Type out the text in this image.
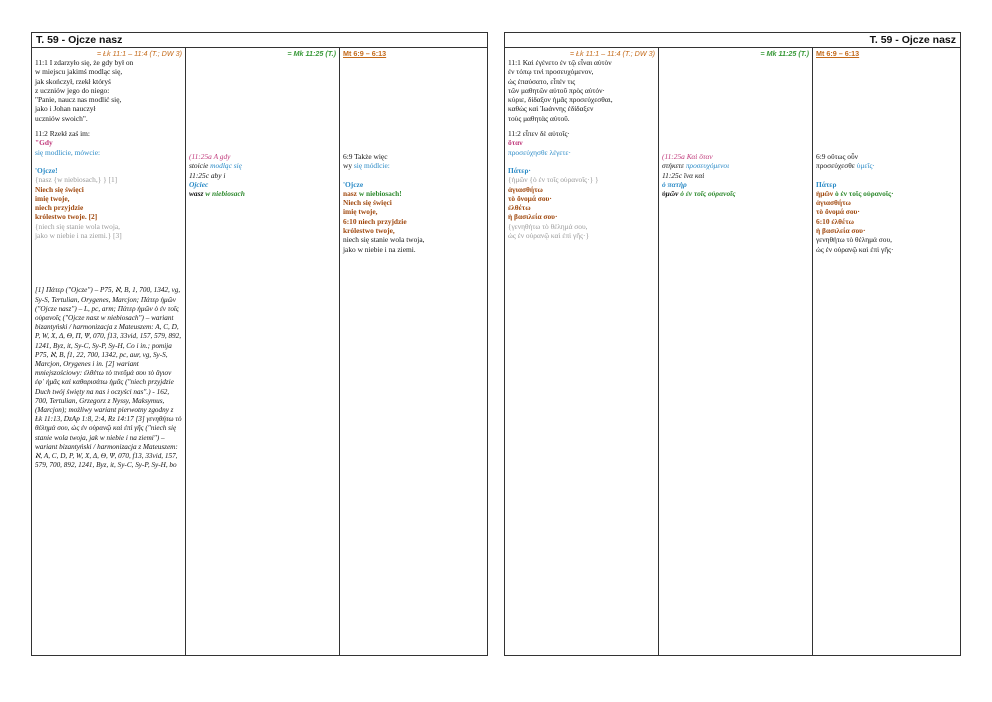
T. 59 - Ojcze nasz
= Łk 11:1 – 11:4 (T.; DW 3)
11:1 I zdarzyło się, że gdy był on
w miejscu jakimś modląc się,
jak skończył, rzekł któryś
z uczniów jego do niego:
"Panie, naucz nas modlić się,
jako i Johan nauczył
uczniów swoich".
11:2 Rzekł zaś im:
"Gdy
się modlicie, mówcie:
'Ojcze!
{nasz {w niebiosach,} } [1]
Niech się święci
imię twoje,
niech przyjdzie
królestwo twoje. [2]
{niech się stanie wola twoja,
jako w niebie i na ziemi.} [3]
[1] Πάτερ ("Ojcze") – P75, ℵ, B, 1, 700, 1342, vg, Sy-S, Tertulian, Orygenes, Marcjon; Πάτερ ἡμῶν ("Ojcze nasz") – L, pc, arm; Πάτερ ἡμῶν ὁ ἐν τοῖς οὐρανοῖς ("Ojcze nasz w niebiosach") – wariant bizantyński / harmonizacja z Mateuszem: A, C, D, P, W, X, Δ, Θ, Π, Ψ, 070, f13, 33vid, 157, 579, 892, 1241, Byz, it, Sy-C, Sy-P, Sy-H, Co i in.; pomija P75, ℵ, B, f1, 22, 700, 1342, pc, aur, vg, Sy-S, Marcjon, Orygenes i in. [2] wariant mniejszościowy: ἐλθέτω τὸ πνεῦμά σου τὸ ἅγιον ἐφ᾽ ἡμᾶς καὶ καθαρισάτω ἡμᾶς ("niech przyjdzie Duch twój święty na nas i oczyści nas".) - 162, 700, Tertulian, Grzegorz z Nyssy, Maksymus, (Marcjon); możliwy wariant pierwotny zgodny z Łk 11:13, DzAp 1:8, 2:4, Rz 14:17 [3] γενηθήτω τὸ θέλημά σου, ὡς ἐν οὐρανῷ καὶ ἐπὶ γῆς ("niech się stanie wola twoja, jak w niebie i na ziemi") – wariant bizantyński / harmonizacja z Mateuszem: ℵ, A, C, D, P, W, X, Δ, Θ, Ψ, 070, f13, 33vid, 157, 579, 700, 892, 1241, Byz, it, Sy-C, Sy-P, Sy-H, bo
= Mk 11:25 (T.)
(11:25a A gdy
stoicie modląc się
11:25c aby i
Ojciec
wasz w niebiosach
Mt 6:9 – 6:13
6:9 Także więc
wy się módlcie:
'Ojcze
nasz w niebiosach!
Niech się święci
imię twoje,
6:10 niech przyjdzie
królestwo twoje,
niech się stanie wola twoja,
jako w niebie i na ziemi.
T. 59 - Ojcze nasz
= Łk 11:1 – 11:4 (T.; DW 3)
11:1 Καὶ ἐγένετο ἐν τῷ εἶναι αὐτὸν
ἐν τόπῳ τινὶ προσευχόμενον,
ὡς ἐπαύσατο, εἶπέν τις
τῶν μαθητῶν αὐτοῦ πρὸς αὐτόν·
κύριε, δίδαξον ἡμᾶς προσεύχεσθαι,
καθὼς καὶ Ἰωάννης ἐδίδαξεν
τοὺς μαθητὰς αὐτοῦ.
11:2 εἶπεν δὲ αὐτοῖς·
ὅταν
προσεύχησθε λέγετε·
Πάτερ·
{ἡμῶν {ὁ ἐν τοῖς οὐρανοῖς·} }
ἁγιασθήτω
τὸ ὄνομά σου·
ἐλθέτω
ἡ βασιλεία σου·
{γενηθήτω τὸ θέλημά σου,
ὡς ἐν οὐρανῷ καὶ ἐπὶ γῆς·}
= Mk 11:25 (T.)
(11:25a Καὶ ὅταν
στήκετε προσευχόμενοι
11:25c ἵνα καὶ
ὁ πατὴρ
ὑμῶν ὁ ἐν τοῖς οὐρανοῖς
Mt 6:9 – 6:13
6:9 οὕτως οὖν
προσεύχεσθε ὑμεῖς·
Πάτερ
ἡμῶν ὁ ἐν τοῖς οὐρανοῖς·
ἁγιασθήτω
τὸ ὄνομά σου·
6:10 ἐλθέτω
ἡ βασιλεία σου·
γενηθήτω τὸ θέλημά σου,
ὡς ἐν οὐρανῷ καὶ ἐπὶ γῆς·
